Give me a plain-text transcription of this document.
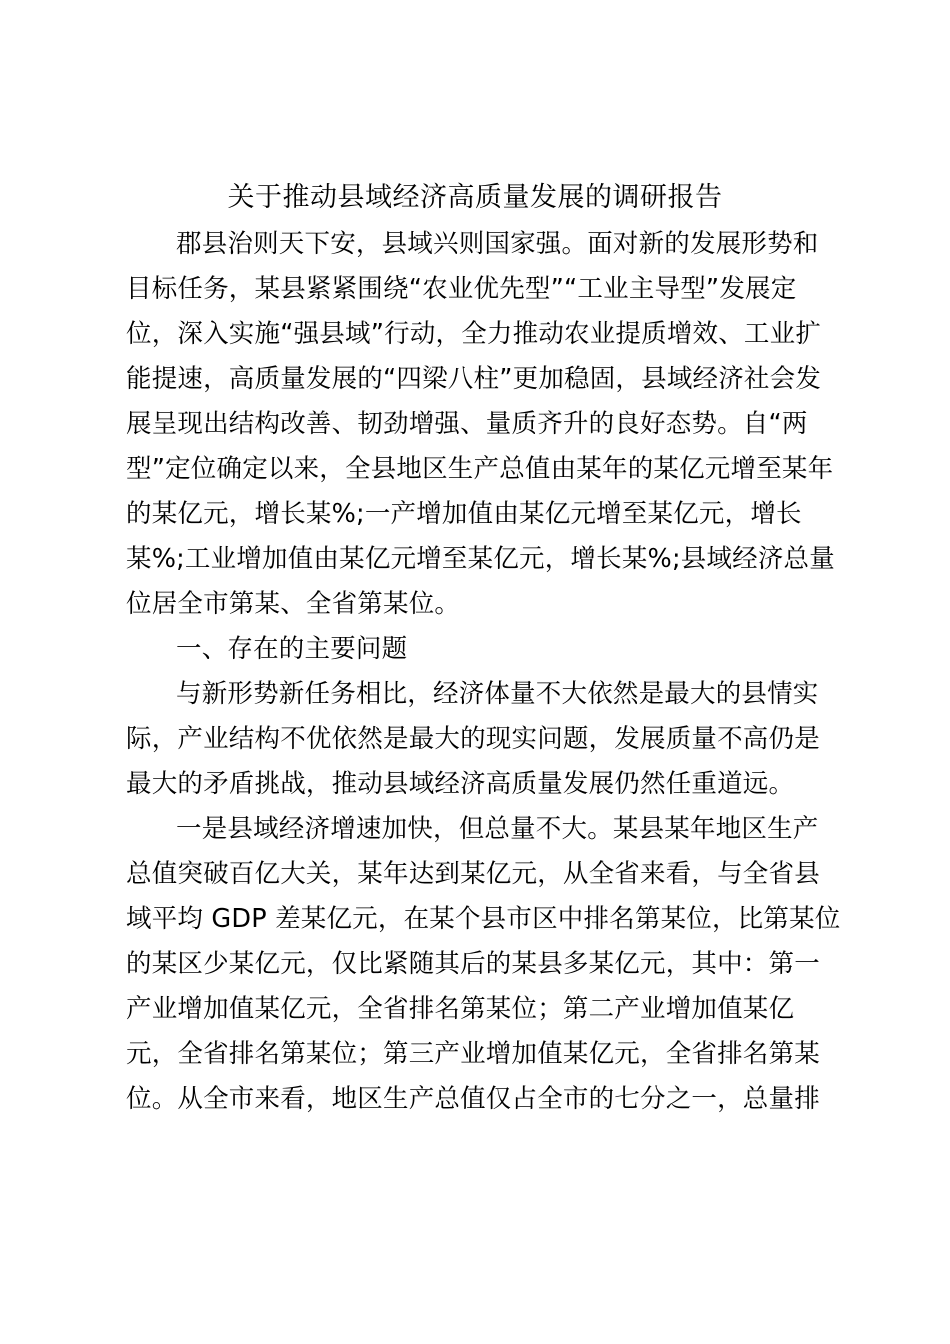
关于推动县域经济高质量发展的调研报告
郡县治则天下安，县域兴则国家强。面对新的发展形势和
目标任务，某县紧紧围绕“农业优先型”“工业主导型”发展定
位，深入实施“强县域”行动，全力推动农业提质增效、工业扩
能提速，高质量发展的“四梁八柱”更加稳固，县域经济社会发
展呈现出结构改善、韧劲增强、量质齐升的良好态势。自“两
型”定位确定以来，全县地区生产总值由某年的某亿元增至某年
的某亿元，增长某%;一产增加值由某亿元增至某亿元，增长
某%;工业增加值由某亿元增至某亿元，增长某%;县域经济总量
位居全市第某、全省第某位。
一、存在的主要问题
与新形势新任务相比，经济体量不大依然是最大的县情实
际，产业结构不优依然是最大的现实问题，发展质量不高仍是
最大的矛盾挑战，推动县域经济高质量发展仍然任重道远。
一是县域经济增速加快，但总量不大。某县某年地区生产
总值突破百亿大关，某年达到某亿元，从全省来看，与全省县
域平均 GDP 差某亿元，在某个县市区中排名第某位，比第某位
的某区少某亿元，仅比紧随其后的某县多某亿元，其中：第一
产业增加值某亿元，全省排名第某位；第二产业增加值某亿
元，全省排名第某位；第三产业增加值某亿元，全省排名第某
位。从全市来看，地区生产总值仅占全市的七分之一，总量排
